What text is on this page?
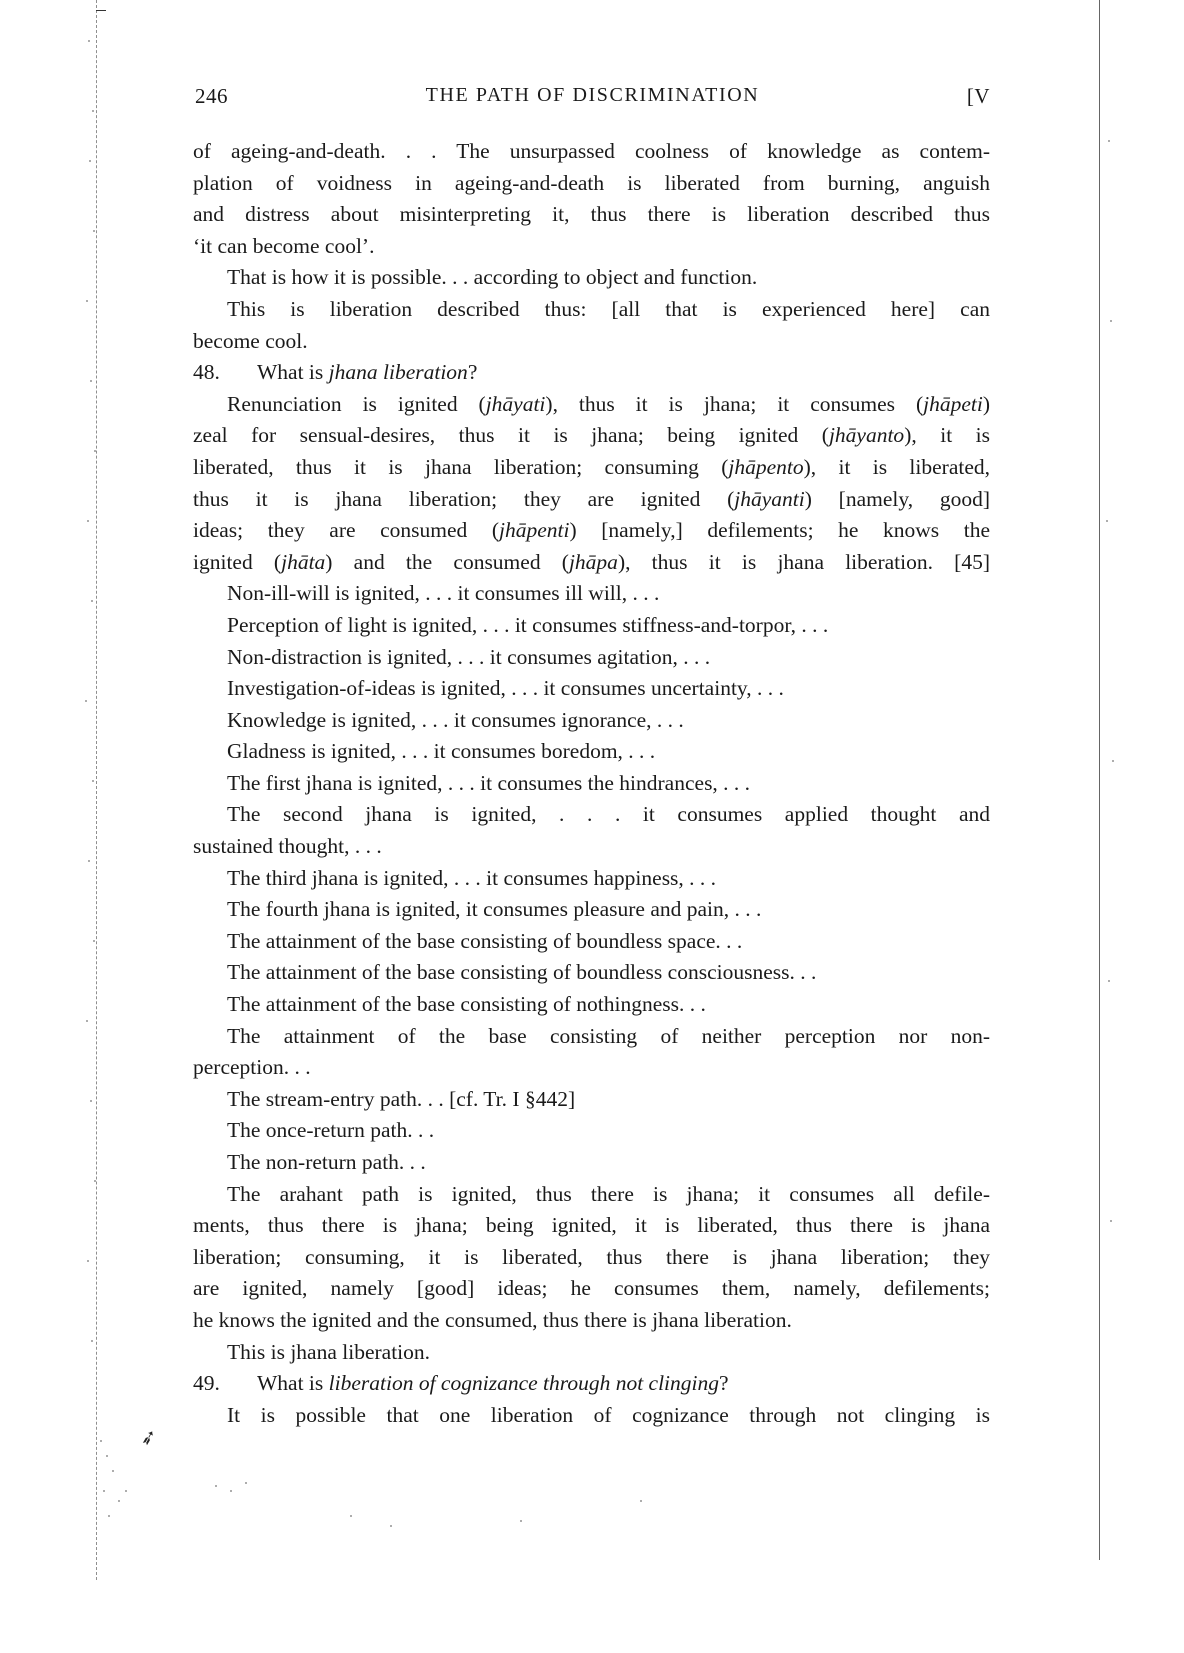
➶
246	THE PATH OF DISCRIMINATION	[V
of ageing-and-death. . . The unsurpassed coolness of knowledge as contem-
plation of voidness in ageing-and-death is liberated from burning, anguish
and distress about misinterpreting it, thus there is liberation described thus
‘it can become cool’.
That is how it is possible. . . according to object and function.
This is liberation described thus: [all that is experienced here] can
become cool.
48. What is jhana liberation?
Renunciation is ignited (jhāyati), thus it is jhana; it consumes (jhāpeti)
zeal for sensual-desires, thus it is jhana; being ignited (jhāyanto), it is
liberated, thus it is jhana liberation; consuming (jhāpento), it is liberated,
thus it is jhana liberation; they are ignited (jhāyanti) [namely, good]
ideas; they are consumed (jhāpenti) [namely,] defilements; he knows the
ignited (jhāta) and the consumed (jhāpa), thus it is jhana liberation. [45]
Non-ill-will is ignited, . . . it consumes ill will, . . .
Perception of light is ignited, . . . it consumes stiffness-and-torpor, . . .
Non-distraction is ignited, . . . it consumes agitation, . . .
Investigation-of-ideas is ignited, . . . it consumes uncertainty, . . .
Knowledge is ignited, . . . it consumes ignorance, . . .
Gladness is ignited, . . . it consumes boredom, . . .
The first jhana is ignited, . . . it consumes the hindrances, . . .
The second jhana is ignited, . . . it consumes applied thought and
sustained thought, . . .
The third jhana is ignited, . . . it consumes happiness, . . .
The fourth jhana is ignited, it consumes pleasure and pain, . . .
The attainment of the base consisting of boundless space. . .
The attainment of the base consisting of boundless consciousness. . .
The attainment of the base consisting of nothingness. . .
The attainment of the base consisting of neither perception nor non-
perception. . .
The stream-entry path. . . [cf. Tr. I §442]
The once-return path. . .
The non-return path. . .
The arahant path is ignited, thus there is jhana; it consumes all defile-
ments, thus there is jhana; being ignited, it is liberated, thus there is jhana
liberation; consuming, it is liberated, thus there is jhana liberation; they
are ignited, namely [good] ideas; he consumes them, namely, defilements;
he knows the ignited and the consumed, thus there is jhana liberation.
This is jhana liberation.
49. What is liberation of cognizance through not clinging?
It is possible that one liberation of cognizance through not clinging is
